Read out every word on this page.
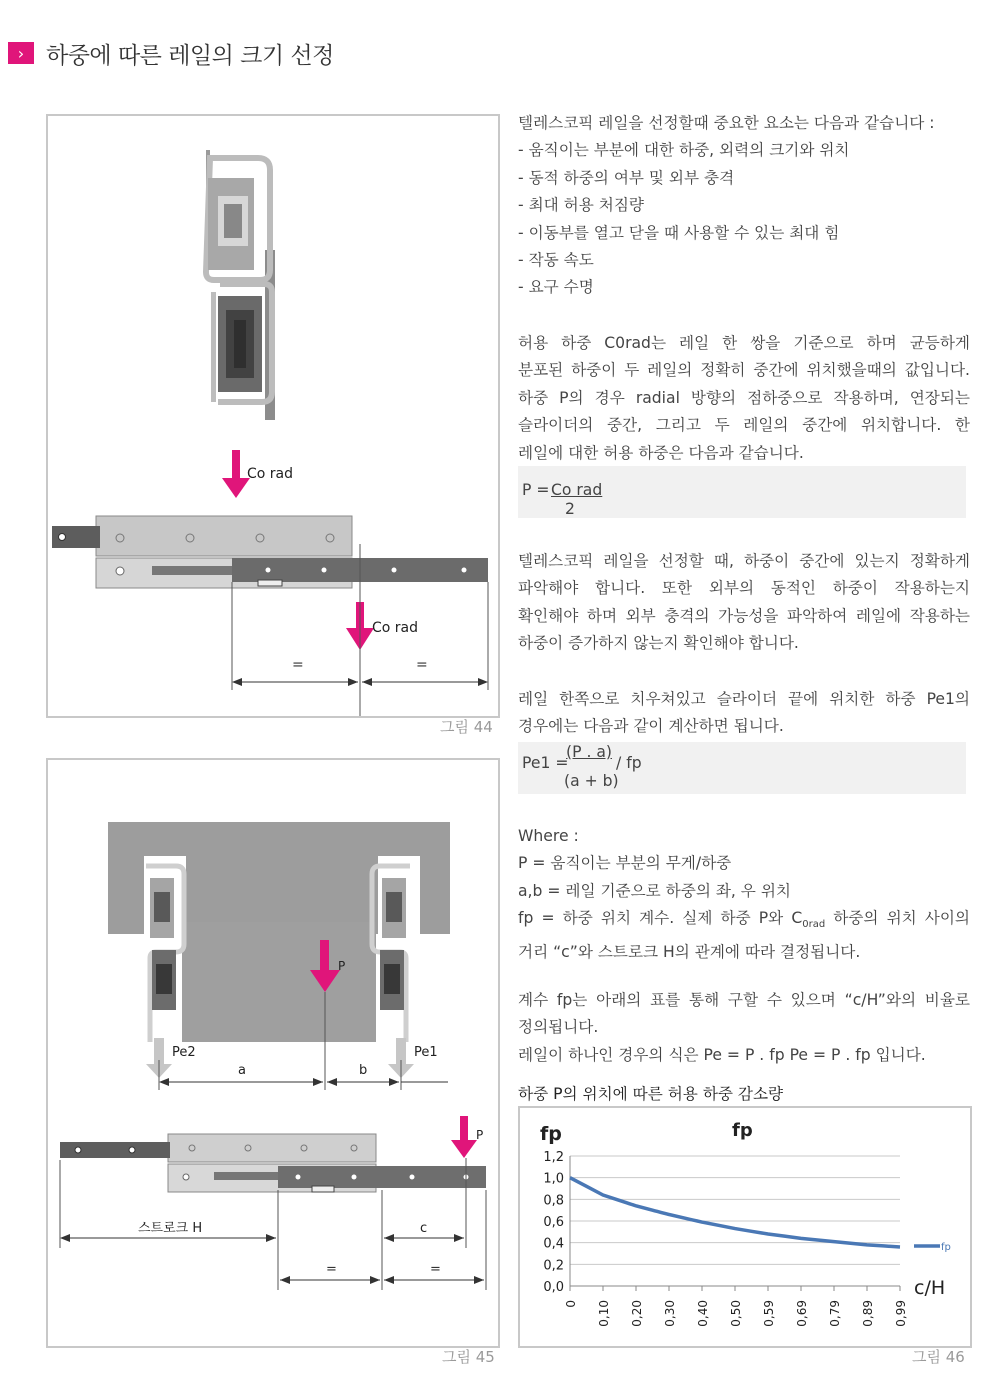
› 하중에 따른 레일의 크기 선정
Co rad
Co rad
=	=
그림 44
P
Pe2	Pe1
a	b
P
스트로크 H	c
=	=
그림 45

텔레스코픽 레일을 선정할때 중요한 요소는 다음과 같습니다 :

- 움직이는 부분에 대한 하중, 외력의 크기와 위치

- 동적 하중의 여부 및 외부 충격

- 최대 허용 처짐량

- 이동부를 열고 닫을 때 사용할 수 있는 최대 힘

- 작동 속도

- 요구 수명

허용 하중 C0rad는 레일 한 쌍을 기준으로 하며 균등하게

분포된 하중이 두 레일의 정확히 중간에 위치했을때의 값입니다.

하중 P의 경우 radial 방향의 점하중으로 작용하며, 연장되는

슬라이더의 중간, 그리고 두 레일의 중간에 위치합니다. 한

레일에 대한 허용 하중은 다음과 같습니다.

P = Co rad
2

텔레스코픽 레일을 선정할 때, 하중이 중간에 있는지 정확하게

파악해야 합니다. 또한 외부의 동적인 하중이 작용하는지

확인해야 하며 외부 충격의 가능성을 파악하여 레일에 작용하는

하중이 증가하지 않는지 확인해야 합니다.

레일 한쪽으로 치우쳐있고 슬라이더 끝에 위치한 하중 Pe1의

경우에는 다음과 같이 계산하면 됩니다.

Pe1 =
(P . a)
(a + b)
/ fp

Where :

P = 움직이는 부분의 무게/하중

a,b = 레일 기준으로 하중의 좌, 우 위치

fp = 하중 위치 계수. 실제 하중 P와 $C_{0rad}$ 하중의 위치 사이의

거리 “c”와 스트로크 H의 관계에 따라 결정됩니다.

계수 fp는 아래의 표를 통해 구할 수 있으며 “c/H”와의 비율로

정의됩니다.

레일이 하나인 경우의 식은 Pe = P . fp Pe = P . fp 입니다.

하중 P의 위치에 따른 허용 하중 감소량
0,0
0,2
0,4
0,6
0,8
1,0
1,2
0 0,10 0,20 0,30 0,40 0,50 0,59 0,69 0,79 0,89 0,99
fp	fp
c/H
fp
그림 46
